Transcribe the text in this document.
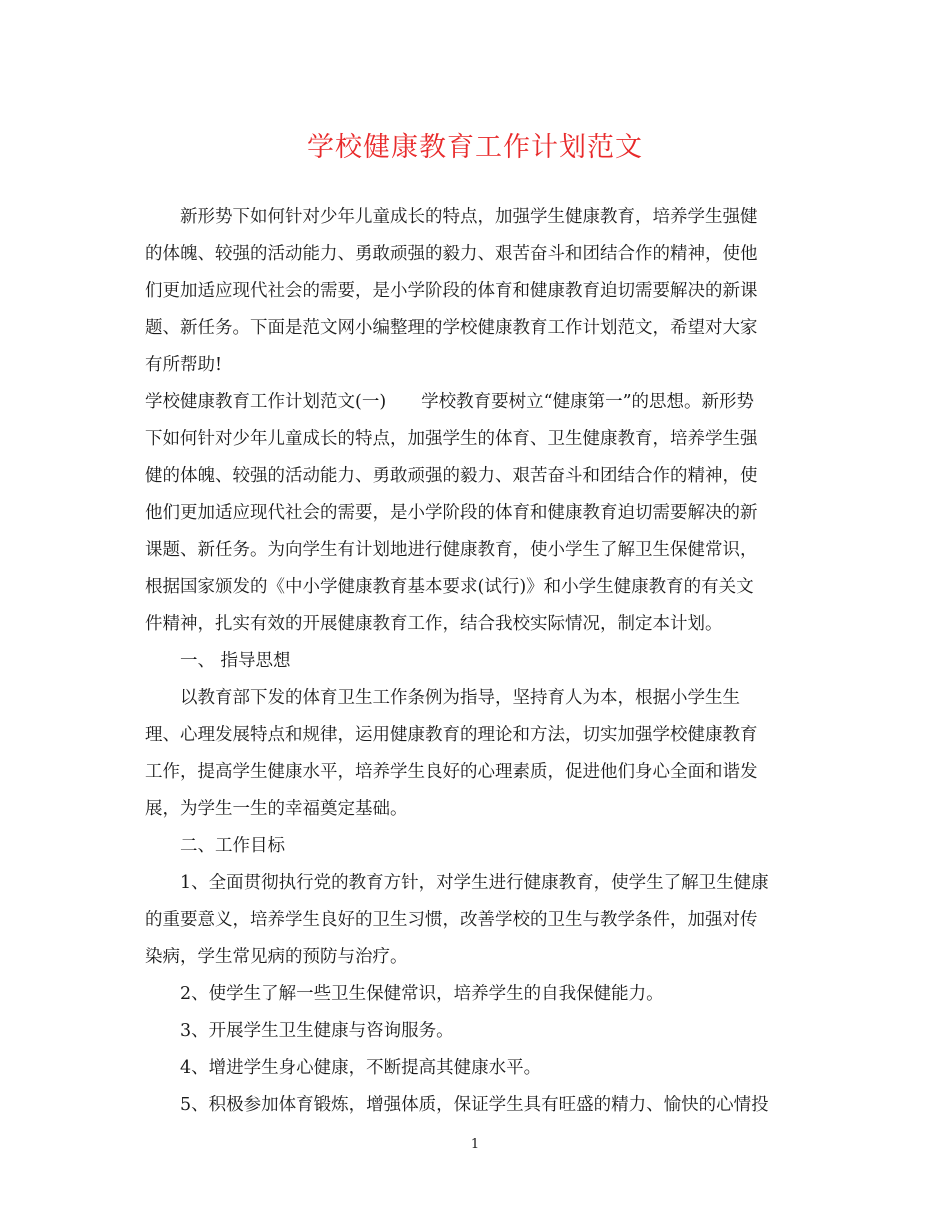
学校健康教育工作计划范文
　　新形势下如何针对少年儿童成长的特点，加强学生健康教育，培养学生强健
的体魄、较强的活动能力、勇敢顽强的毅力、艰苦奋斗和团结合作的精神，使他
们更加适应现代社会的需要，是小学阶段的体育和健康教育迫切需要解决的新课
题、新任务。下面是范文网小编整理的学校健康教育工作计划范文，希望对大家
有所帮助!
学校健康教育工作计划范文(一)　　学校教育要树立“健康第一”的思想。新形势
下如何针对少年儿童成长的特点，加强学生的体育、卫生健康教育，培养学生强
健的体魄、较强的活动能力、勇敢顽强的毅力、艰苦奋斗和团结合作的精神，使
他们更加适应现代社会的需要，是小学阶段的体育和健康教育迫切需要解决的新
课题、新任务。为向学生有计划地进行健康教育，使小学生了解卫生保健常识，
根据国家颁发的《中小学健康教育基本要求(试行)》和小学生健康教育的有关文
件精神，扎实有效的开展健康教育工作，结合我校实际情况，制定本计划。
　　一、 指导思想
　　以教育部下发的体育卫生工作条例为指导，坚持育人为本，根据小学生生
理、心理发展特点和规律，运用健康教育的理论和方法，切实加强学校健康教育
工作，提高学生健康水平，培养学生良好的心理素质，促进他们身心全面和谐发
展，为学生一生的幸福奠定基础。
　　二、工作目标
　　1、全面贯彻执行党的教育方针，对学生进行健康教育，使学生了解卫生健康
的重要意义，培养学生良好的卫生习惯，改善学校的卫生与教学条件，加强对传
染病，学生常见病的预防与治疗。
　　2、使学生了解一些卫生保健常识，培养学生的自我保健能力。
　　3、开展学生卫生健康与咨询服务。
　　4、增进学生身心健康，不断提高其健康水平。
　　5、积极参加体育锻炼，增强体质，保证学生具有旺盛的精力、愉快的心情投
1
